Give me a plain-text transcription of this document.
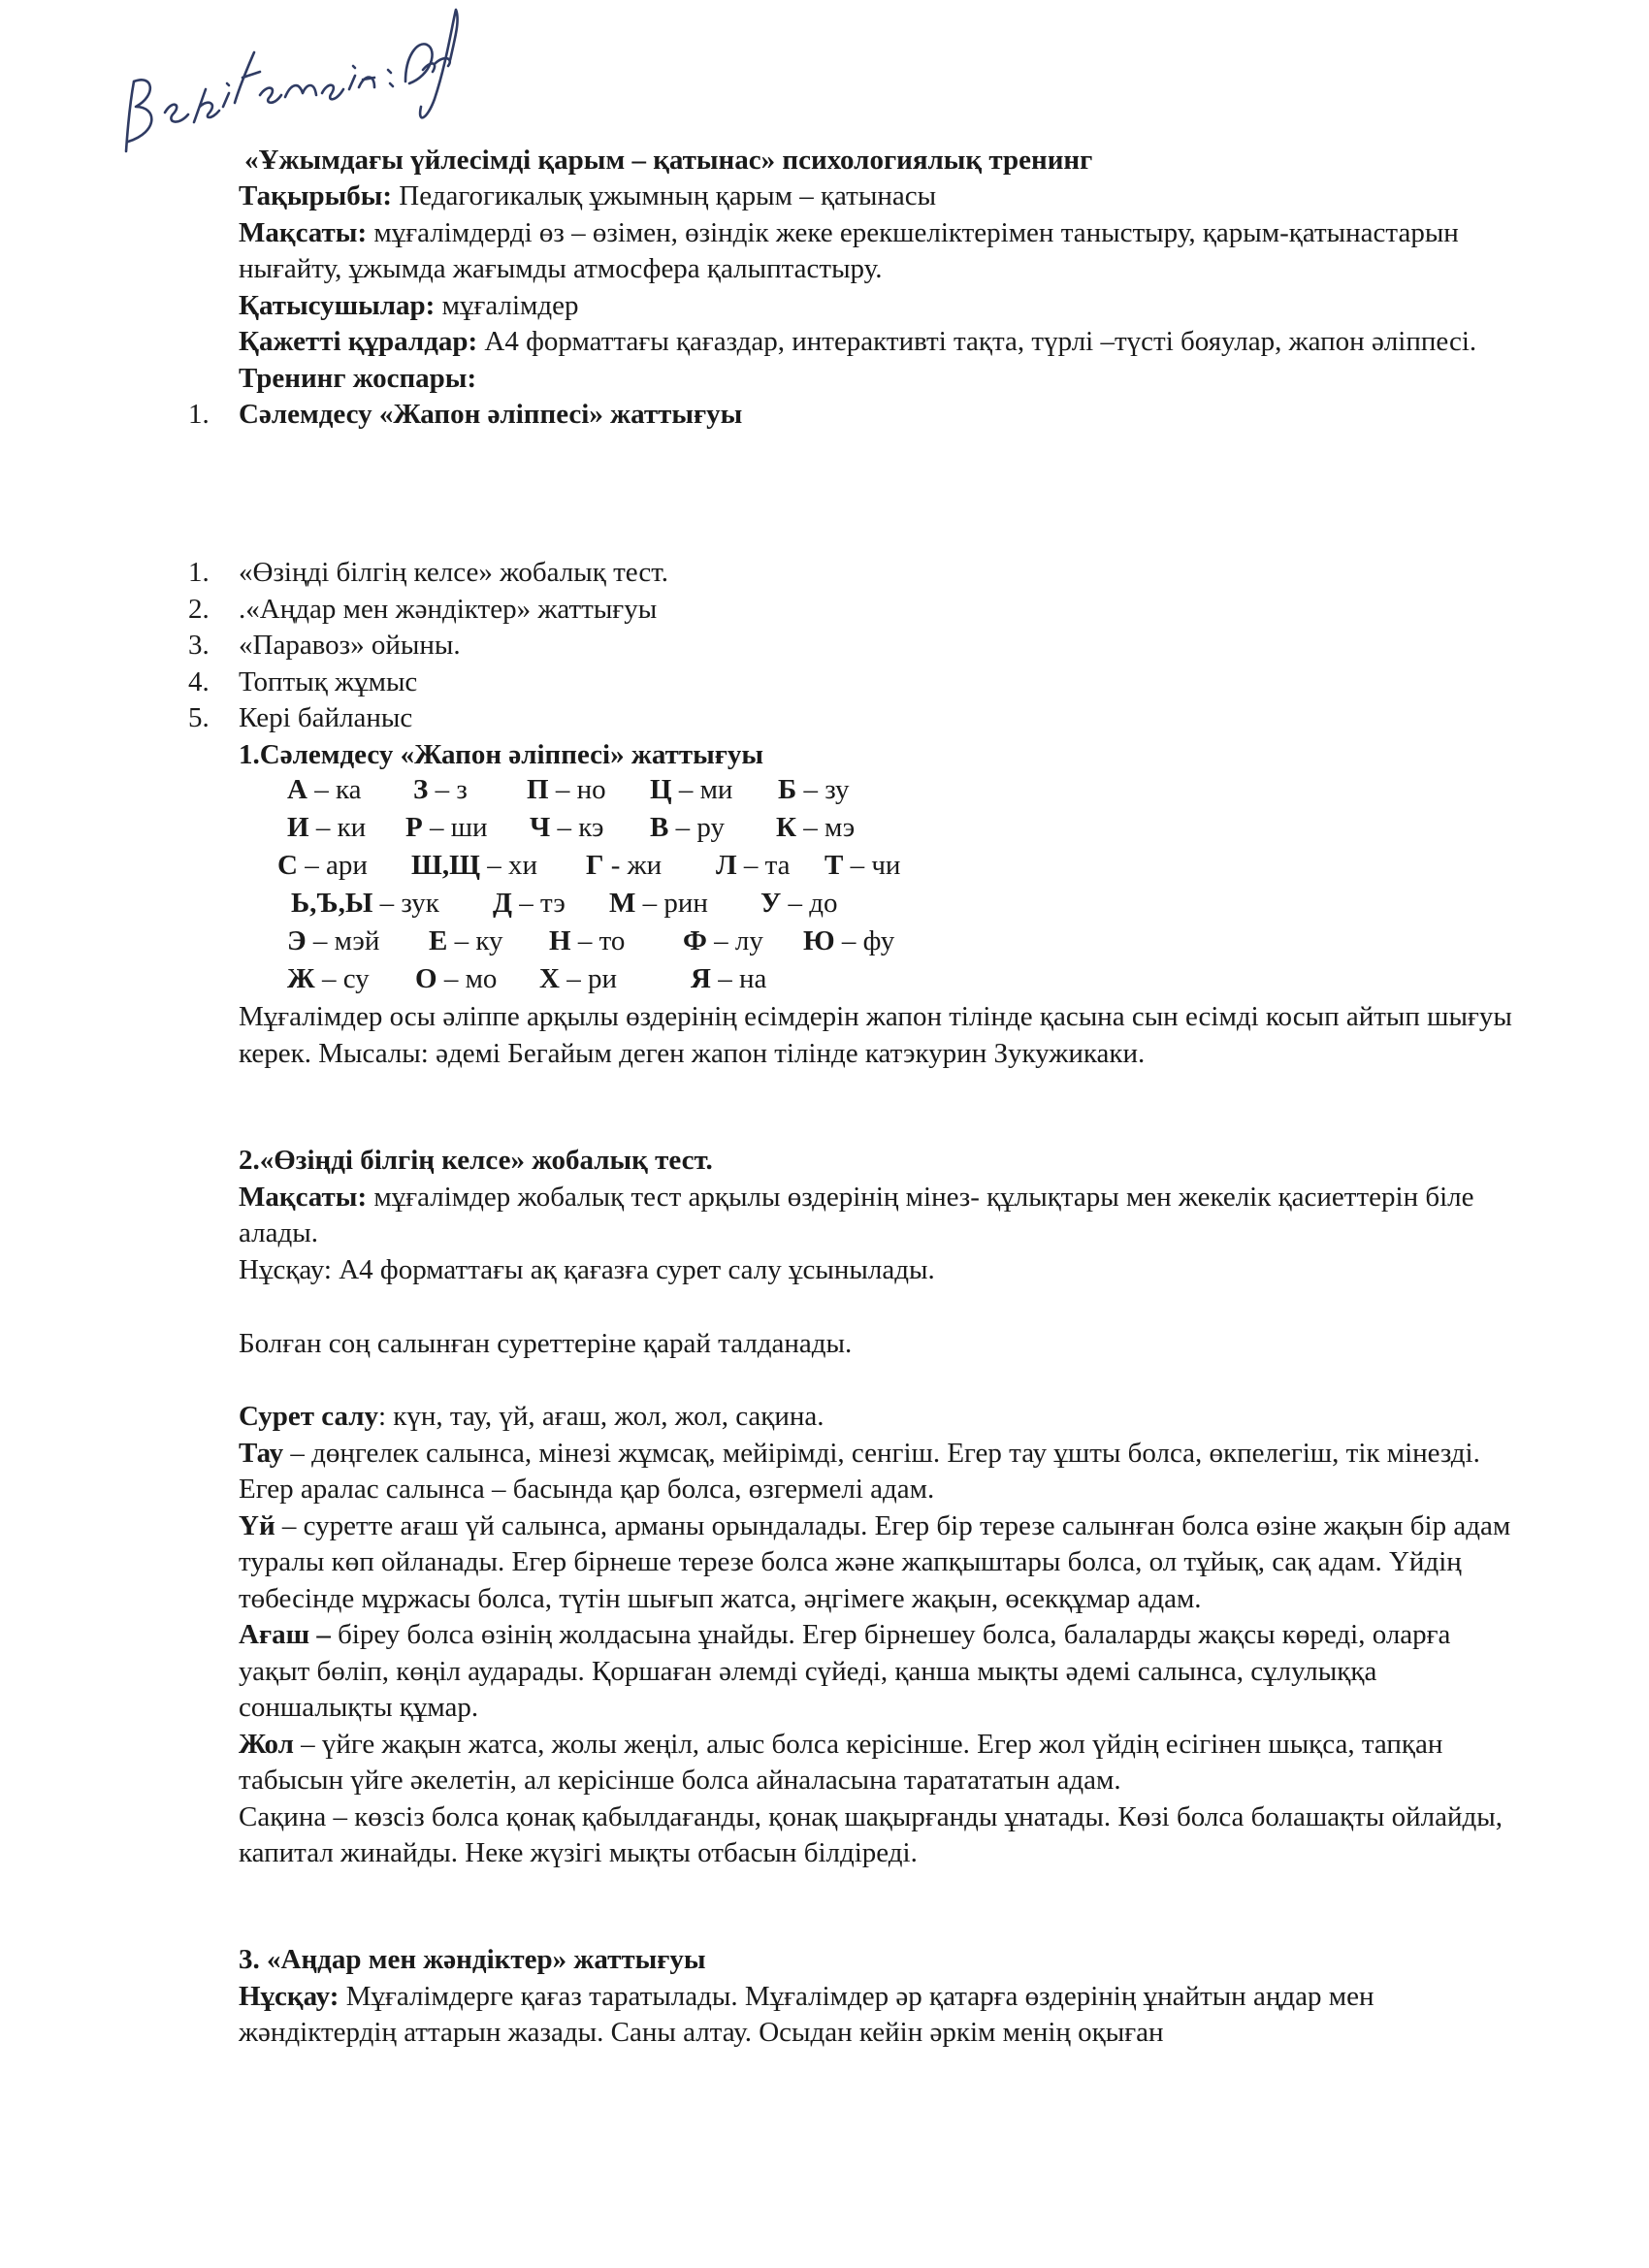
«Ұжымдағы үйлесімді қарым – қатынас» психологиялық тренинг

Тақырыбы: Педагогикалық ұжымның қарым – қатынасы

Мақсаты: мұғалімдерді өз – өзімен, өзіндік жеке ерекшеліктерімен таныстыру, қарым-қатынастарын нығайту, ұжымда жағымды атмосфера қалыптастыру.

Қатысушылар: мұғалімдер

Қажетті құралдар: А4 форматтағы қағаздар, интерактивті тақта, түрлі –түсті бояулар, жапон әліппесі.

Тренинг жоспары:

1. Сәлемдесу «Жапон әліппесі» жаттығуы

1. «Өзіңді білгің келсе» жобалық тест.

2. .«Аңдар мен жәндіктер» жаттығуы

3. «Паравоз» ойыны.

4. Топтық жұмыс

5. Кері байланыс

1.Сәлемдесу «Жапон әліппесі» жаттығуы

А – ка З – з П – но Ц – ми Б – зу
И – ки Р – ши Ч – кэ В – ру К – мэ
С – ари Ш,Щ – хи Г - жи Л – та Т – чи
Ь,Ъ,Ы – зук Д – тэ М – рин У – до
Э – мэй Е – ку Н – то Ф – лу Ю – фу
Ж – су О – мо Х – ри	Я – на

Мұғалімдер осы әліппе арқылы өздерінің есімдерін жапон тілінде қасына сын есімді косып айтып шығуы керек. Мысалы: әдемі Бегайым деген жапон тілінде катэкурин Зукужикаки.

2.«Өзіңді білгің келсе» жобалық тест.

Мақсаты: мұғалімдер жобалық тест арқылы өздерінің мінез- құлықтары мен жекелік қасиеттерін біле алады.

Нұсқау: А4 форматтағы ақ қағазға сурет салу ұсынылады.

Болған соң салынған суреттеріне қарай талданады.

Сурет салу: күн, тау, үй, ағаш, жол, жол, сақина.

Тау – дөңгелек салынса, мінезі жұмсақ, мейірімді, сенгіш. Егер тау ұшты болса, өкпелегіш, тік мінезді. Егер аралас салынса – басында қар болса, өзгермелі адам.

Үй – суретте ағаш үй салынса, арманы орындалады. Егер бір терезе салынған болса өзіне жақын бір адам туралы көп ойланады. Егер бірнеше терезе болса және жапқыштары болса, ол тұйық, сақ адам. Үйдің төбесінде мұржасы болса, түтін шығып жатса, әңгімеге жақын, өсекқұмар адам.

Ағаш – біреу болса өзінің жолдасына ұнайды. Егер бірнешеу болса, балаларды жақсы көреді, оларға уақыт бөліп, көңіл аударады. Қоршаған әлемді сүйеді, қанша мықты әдемі салынса, сұлулыққа соншалықты құмар.

Жол – үйге жақын жатса, жолы жеңіл, алыс болса керісінше. Егер жол үйдің есігінен шықса, тапқан табысын үйге әкелетін, ал керісінше болса айналасына таратататын адам.

Сақина – көзсіз болса қонақ қабылдағанды, қонақ шақырғанды ұнатады. Көзі болса болашақты ойлайды, капитал жинайды. Неке жүзігі мықты отбасын білдіреді.

3. «Аңдар мен жәндіктер» жаттығуы

Нұсқау: Мұғалімдерге қағаз таратылады. Мұғалімдер әр қатарға өздерінің ұнайтын аңдар мен жәндіктердің аттарын жазады. Саны алтау. Осыдан кейін әркім менің оқыған
